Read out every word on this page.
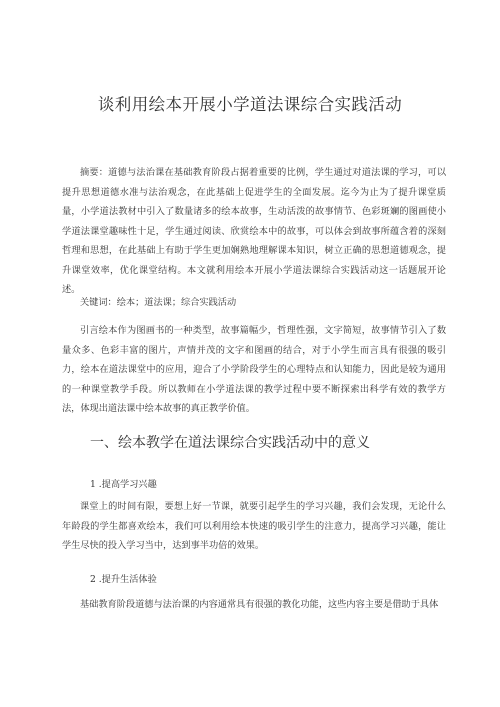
谈利用绘本开展小学道法课综合实践活动

摘要：道德与法治课在基础教育阶段占据着重要的比例，学生通过对道法课的学习，可以提升思想道德水准与法治观念，在此基础上促进学生的全面发展。迄今为止为了提升课堂质量，小学道法教材中引入了数量诸多的绘本故事，生动活泼的故事情节、色彩斑斓的图画使小学道法课堂趣味性十足，学生通过阅读、欣赏绘本中的故事，可以体会到故事所蕴含着的深刻哲理和思想，在此基础上有助于学生更加娴熟地理解课本知识，树立正确的思想道德观念，提升课堂效率，优化课堂结构。本文就利用绘本开展小学道法课综合实践活动这一话题展开论述。

关键词：绘本；道法课；综合实践活动

引言绘本作为图画书的一种类型，故事篇幅少，哲理性强，文字简短，故事情节引入了数量众多、色彩丰富的图片，声情并茂的文字和图画的结合，对于小学生而言具有很强的吸引力，绘本在道法课堂中的应用，迎合了小学阶段学生的心理特点和认知能力，因此是较为通用的一种课堂教学手段。所以教师在小学道法课的教学过程中要不断探索出科学有效的教学方法，体现出道法课中绘本故事的真正教学价值。

一、绘本教学在道法课综合实践活动中的意义
1 .提高学习兴趣

课堂上的时间有限，要想上好一节课，就要引起学生的学习兴趣，我们会发现，无论什么年龄段的学生都喜欢绘本，我们可以利用绘本快速的吸引学生的注意力，提高学习兴趣，能让学生尽快的投入学习当中，达到事半功倍的效果。

2 .提升生活体验

基础教育阶段道德与法治课的内容通常具有很强的教化功能，这些内容主要是借助于具体
